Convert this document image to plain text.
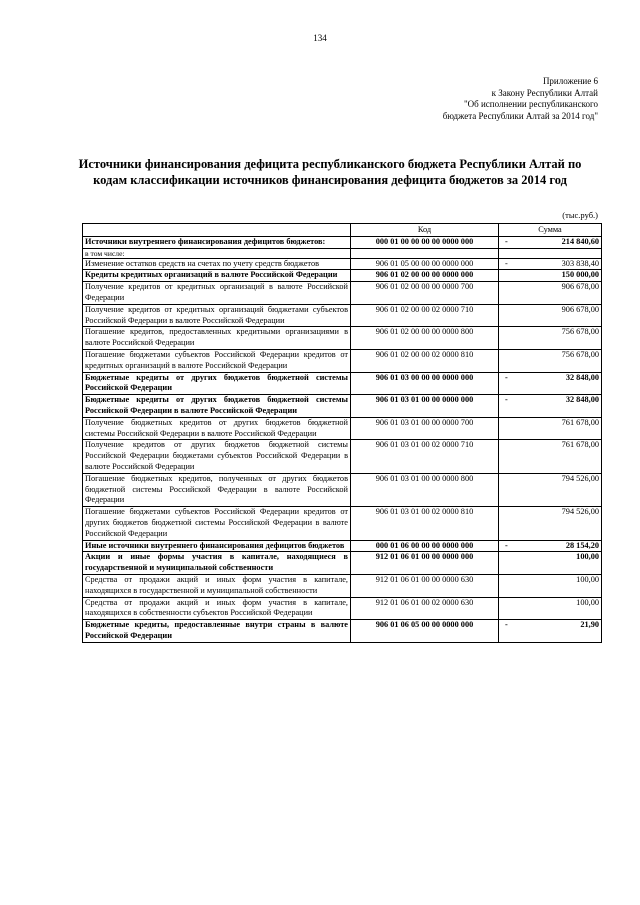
134
Приложение 6
к Закону Республики Алтай
"Об исполнении республиканского
бюджета Республики Алтай за 2014 год"
Источники финансирования дефицита республиканского бюджета Республики Алтай по
кодам классификации источников финансирования дефицита бюджетов за 2014 год
(тыс.руб.)
	Код	Сумма	
Источники внутреннего финансирования дефицитов бюджетов:	000 01 00 00 00 00 0000 000	-	214 840,60
в том числе:			
Изменение остатков средств на счетах по учету средств бюджетов	906 01 05 00 00 00 0000 000	-	303 838,40
Кредиты кредитных организаций в валюте Российской Федерации	906 01 02 00 00 00 0000 000		150 000,00
Получение кредитов от кредитных организаций в валюте Российской Федерации	906 01 02 00 00 00 0000 700		906 678,00
Получение кредитов от кредитных организаций бюджетами субъектов Российской Федерации в валюте Российской Федерации	906 01 02 00 00 02 0000 710		906 678,00
Погашение кредитов, предоставленных кредитными организациями в валюте Российской Федерации	906 01 02 00 00 00 0000 800		756 678,00
Погашение бюджетами субъектов Российской Федерации кредитов от кредитных организаций в валюте Российской Федерации	906 01 02 00 00 02 0000 810		756 678,00
Бюджетные кредиты от других бюджетов бюджетной системы Российской Федерации	906 01 03 00 00 00 0000 000	-	32 848,00
Бюджетные кредиты от других бюджетов бюджетной системы Российской Федерации в валюте Российской Федерации	906 01 03 01 00 00 0000 000	-	32 848,00
Получение бюджетных кредитов от других бюджетов бюджетной системы Российской Федерации в валюте Российской Федерации	906 01 03 01 00 00 0000 700		761 678,00
Получение кредитов от других бюджетов бюджетной системы Российской Федерации бюджетами субъектов Российской Федерации в валюте Российской Федерации	906 01 03 01 00 02 0000 710		761 678,00
Погашение бюджетных кредитов, полученных от других бюджетов бюджетной системы Российской Федерации в валюте Российской Федерации	906 01 03 01 00 00 0000 800		794 526,00
Погашение бюджетами субъектов Российской Федерации кредитов от других бюджетов бюджетной системы Российской Федерации в валюте Российской Федерации	906 01 03 01 00 02 0000 810		794 526,00
Иные источники внутреннего финансирования дефицитов бюджетов	000 01 06 00 00 00 0000 000	-	28 154,20
Акции и иные формы участия в капитале, находящиеся в государственной и муниципальной собственности	912 01 06 01 00 00 0000 000		100,00
Средства от продажи акций и иных форм участия в капитале, находящихся в государственной и муниципальной собственности	912 01 06 01 00 00 0000 630		100,00
Средства от продажи акций и иных форм участия в капитале, находящихся в собственности субъектов Российской Федерации	912 01 06 01 00 02 0000 630		100,00
Бюджетные кредиты, предоставленные внутри страны в валюте Российской Федерации	906 01 06 05 00 00 0000 000	-	21,90
